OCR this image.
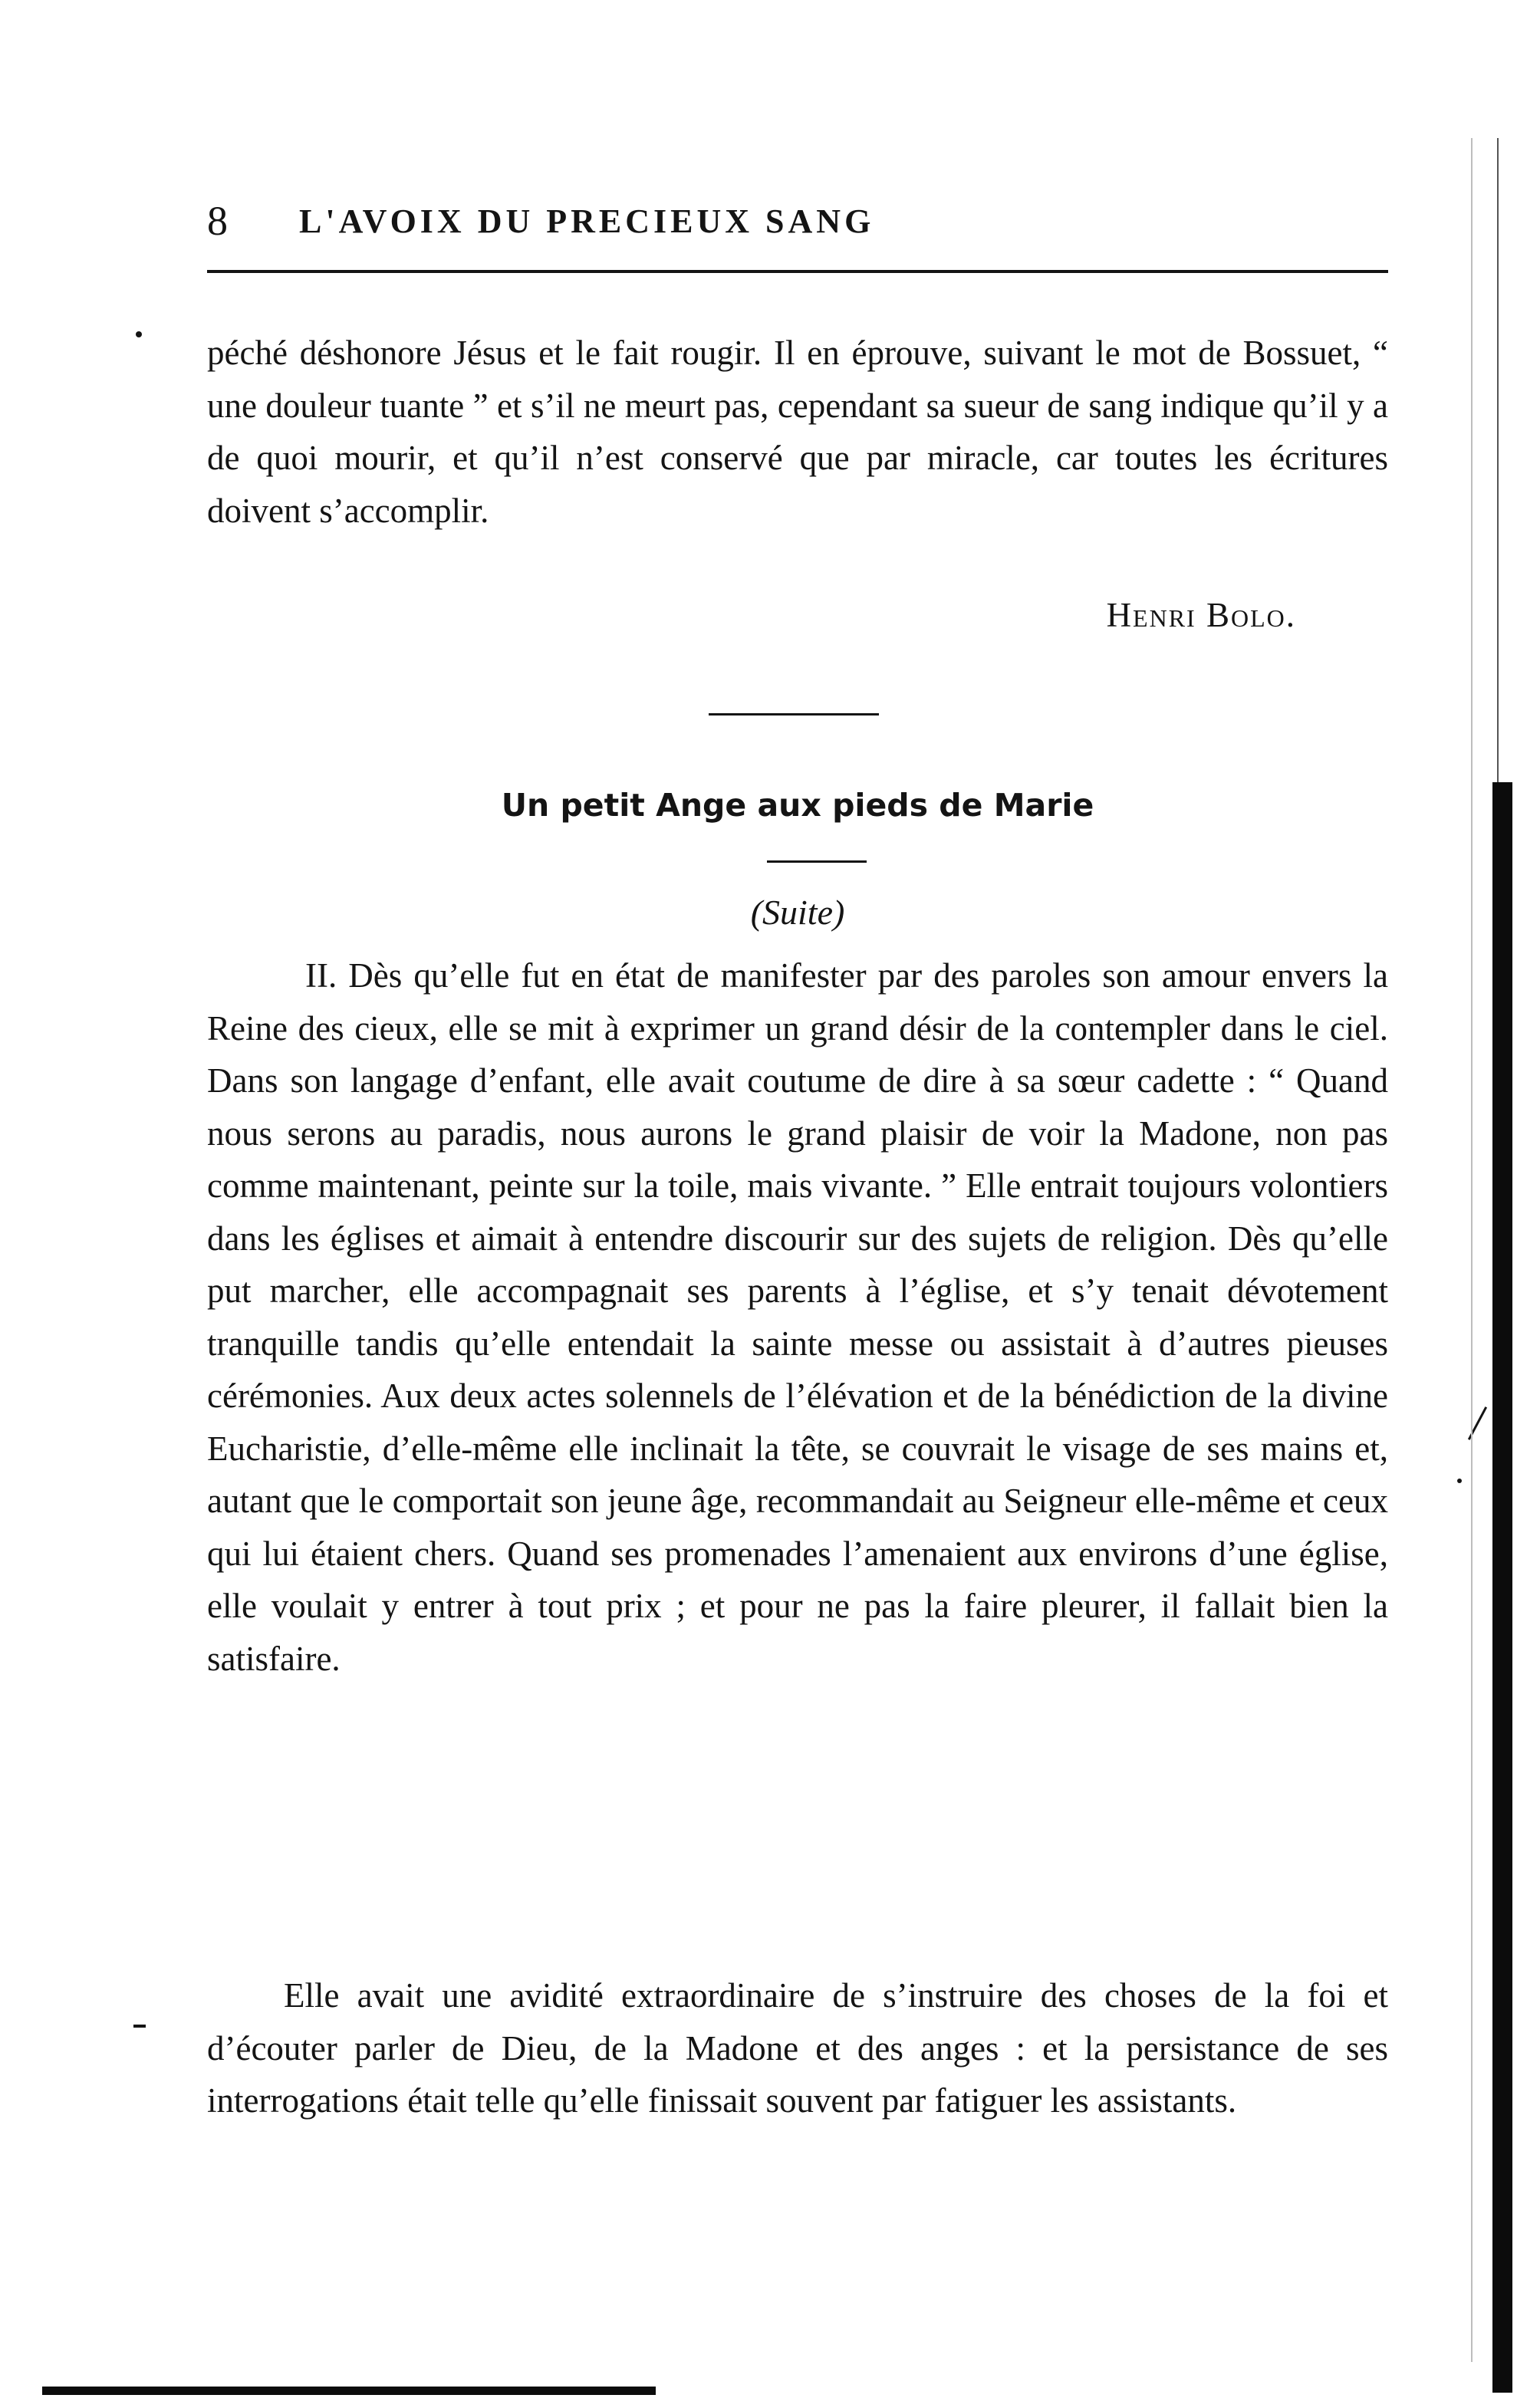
8 L'AVOIX DU PRECIEUX SANG

péché déshonore Jésus et le fait rougir. Il en éprouve, suivant le mot de Bossuet, “ une douleur tuante ” et s’il ne meurt pas, cependant sa sueur de sang indique qu’il y a de quoi mourir, et qu’il n’est conservé que par miracle, car toutes les écritures doivent s’accomplir.

Henri Bolo.
Un petit Ange aux pieds de Marie
(Suite)

II. Dès qu’elle fut en état de manifester par des paroles son amour envers la Reine des cieux, elle se mit à exprimer un grand désir de la contempler dans le ciel. Dans son langage d’enfant, elle avait coutume de dire à sa sœur cadette : “ Quand nous serons au paradis, nous aurons le grand plaisir de voir la Madone, non pas comme maintenant, peinte sur la toile, mais vivante. ” Elle entrait toujours volontiers dans les églises et aimait à entendre discourir sur des sujets de religion. Dès qu’elle put marcher, elle accompagnait ses parents à l’église, et s’y tenait dévotement tranquille tandis qu’elle entendait la sainte messe ou assistait à d’autres pieuses cérémonies. Aux deux actes solennels de l’élévation et de la bénédiction de la divine Eucharistie, d’elle-même elle inclinait la tête, se couvrait le visage de ses mains et, autant que le comportait son jeune âge, recommandait au Seigneur elle-même et ceux qui lui étaient chers. Quand ses promenades l’amenaient aux environs d’une église, elle voulait y entrer à tout prix ; et pour ne pas la faire pleurer, il fallait bien la satisfaire.

Elle avait une avidité extraordinaire de s’instruire des choses de la foi et d’écouter parler de Dieu, de la Madone et des anges : et la persistance de ses interrogations était telle qu’elle finissait souvent par fatiguer les assistants.
